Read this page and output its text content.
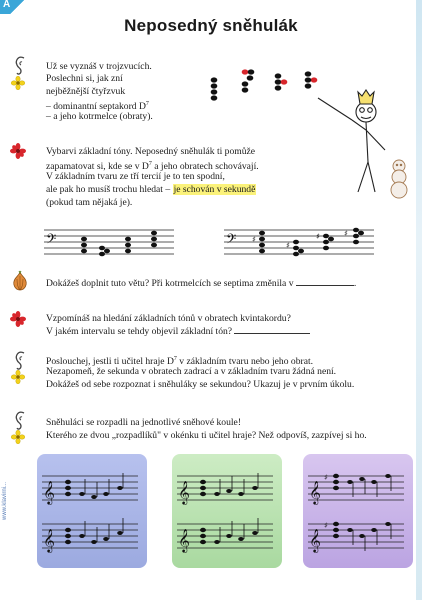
A
www.klavirni...
Neposedný sněhulák
Už se vyznáš v trojzvucích.
Poslechni si, jak zní
nejběžnější čtyřzvuk
– dominantní septakord $D^7$
– a jeho kotrmelce (obraty).
Vybarvi základní tóny. Neposedný sněhulák ti pomůže
zapamatovat si, kde se v $D^7$ a jeho obratech schovávají.
V základním tvaru ze tří tercií je to ten spodní,
ale pak ho musíš trochu hledat – je schován v sekundě
(pokud tam nějaká je).
𝄢	𝄢 ♯
♯
♯	♯
Dokážeš doplnit tuto větu? Při kotrmelcích se septima změnila v	.
Vzpomínáš na hledání základních tónů v obratech kvintakordu?
V jakém intervalu se tehdy objevil základní tón?
Poslouchej, jestli ti učitel hraje $D^7$ v základním tvaru nebo jeho obrat.
Nezapomeň, že sekunda v obratech zadrací a v základním tvaru žádná není.
Dokážeš od sebe rozpoznat i sněhuláky se sekundou? Ukazuj je v prvním úkolu.
Sněhuláci se rozpadli na jednotlivé sněhové koule!
Kterého ze dvou „rozpadlíků" v okénku ti učitel hraje? Než odpovíš, zazpívej si ho.
𝄞
𝄞
𝄞
𝄞
𝄞
𝄞
♯
♯
